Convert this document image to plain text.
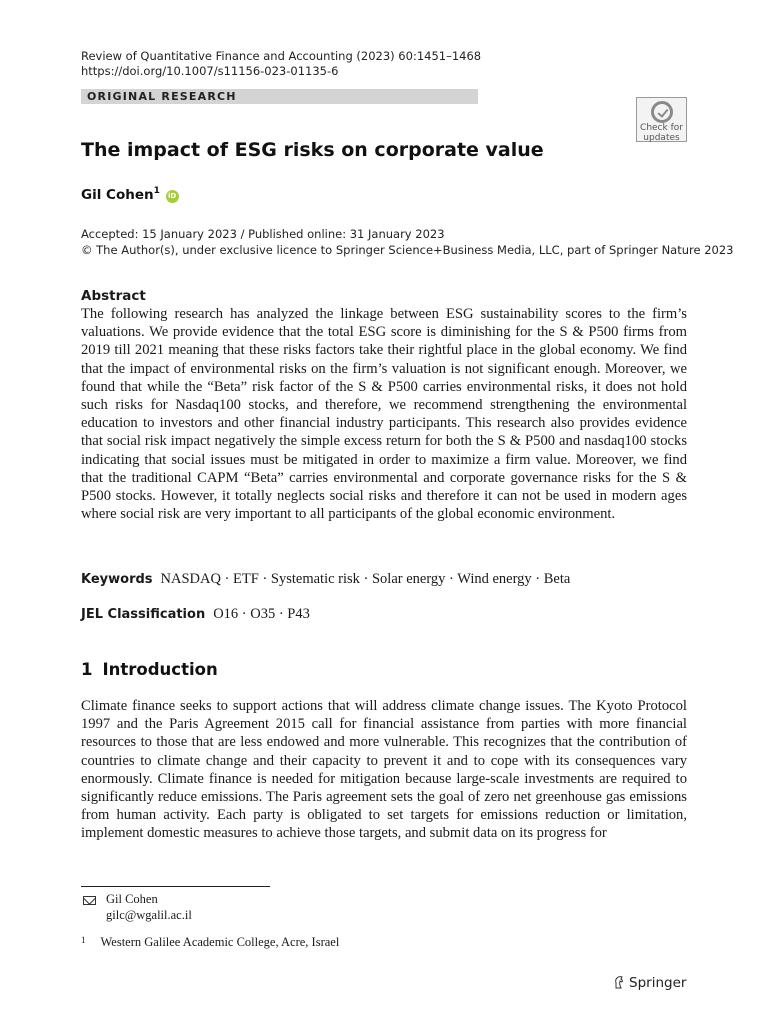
Review of Quantitative Finance and Accounting (2023) 60:1451–1468
https://doi.org/10.1007/s11156-023-01135-6
ORIGINAL RESEARCH
Check for
updates
The impact of ESG risks on corporate value
Gil Cohen$^1$ iD
Accepted: 15 January 2023 / Published online: 31 January 2023
© The Author(s), under exclusive licence to Springer Science+Business Media, LLC, part of Springer Nature 2023
Abstract

The following research has analyzed the linkage between ESG sustainability scores to the firm’s valuations. We provide evidence that the total ESG score is diminishing for the S & P500 firms from 2019 till 2021 meaning that these risks factors take their rightful place in the global economy. We find that the impact of environmental risks on the firm’s valuation is not significant enough. Moreover, we found that while the “Beta” risk factor of the S & P500 carries environmental risks, it does not hold such risks for Nasdaq100 stocks, and therefore, we recommend strengthening the environmental education to investors and other financial industry participants. This research also provides evidence that social risk impact negatively the simple excess return for both the S & P500 and nasdaq100 stocks indicating that social issues must be mitigated in order to maximize a firm value. Moreover, we find that the traditional CAPM “Beta” carries environmental and corporate governance risks for the S & P500 stocks. However, it totally neglects social risks and therefore it can not be used in modern ages where social risk are very important to all participants of the global economic environment.

Keywords NASDAQ · ETF · Systematic risk · Solar energy · Wind energy · Beta
JEL Classification O16 · O35 · P43
1 Introduction

Climate finance seeks to support actions that will address climate change issues. The Kyoto Protocol 1997 and the Paris Agreement 2015 call for financial assistance from parties with more financial resources to those that are less endowed and more vulnerable. This recognizes that the contribution of countries to climate change and their capacity to prevent it and to cope with its consequences vary enormously. Climate finance is needed for mitigation because large-scale investments are required to significantly reduce emissions. The Paris agreement sets the goal of zero net greenhouse gas emissions from human activity. Each party is obligated to set targets for emissions reduction or limitation, implement domestic measures to achieve those targets, and submit data on its progress for

Gil Cohen
gilc@wgalil.ac.il
$^1$ Western Galilee Academic College, Acre, Israel
Springer
